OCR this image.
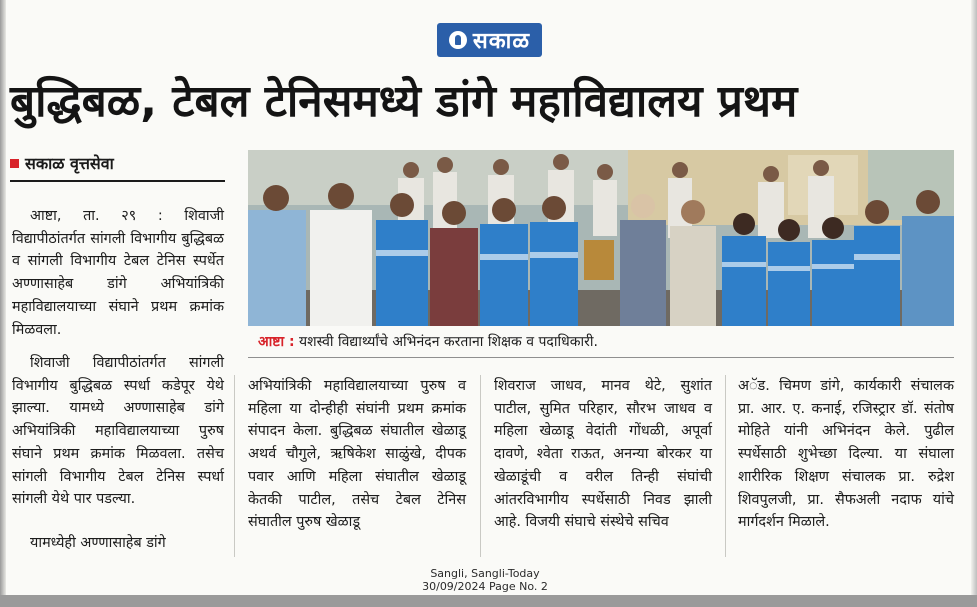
सकाळ
बुद्धिबळ, टेबल टेनिसमध्ये डांगे महाविद्यालय प्रथम
सकाळ वृत्तसेवा
आष्टा : यशस्वी विद्यार्थ्यांचे अभिनंदन करताना शिक्षक व पदाधिकारी.

आष्टा, ता. २९ : शिवाजी विद्यापीठांतर्गत सांगली विभागीय बुद्धिबळ व सांगली विभागीय टेबल टेनिस स्पर्धेत अण्णासाहेब डांगे अभियांत्रिकी महाविद्यालयाच्या संघाने प्रथम क्रमांक मिळवला.

शिवाजी विद्यापीठांतर्गत सांगली विभागीय बुद्धिबळ स्पर्धा कडेपूर येथे झाल्या. यामध्ये अण्णासाहेब डांगे अभियांत्रिकी महाविद्यालयाच्या पुरुष संघाने प्रथम क्रमांक मिळवला. तसेच सांगली विभागीय टेबल टेनिस स्पर्धा सांगली येथे पार पडल्या.

यामध्येही अण्णासाहेब डांगे

अभियांत्रिकी महाविद्यालयाच्या पुरुष व महिला या दोन्हीही संघांनी प्रथम क्रमांक संपादन केला. बुद्धिबळ संघातील खेळाडू अथर्व चौगुले, ऋषिकेश साळुंखे, दीपक पवार आणि महिला संघातील खेळाडू केतकी पाटील, तसेच टेबल टेनिस संघातील पुरुष खेळाडू

शिवराज जाधव, मानव थेटे, सुशांत पाटील, सुमित परिहार, सौरभ जाधव व महिला खेळाडू वेदांती गोंधळी, अपूर्वा दावणे, श्वेता राऊत, अनन्या बोरकर या खेळाडूंची व वरील तिन्ही संघांची आंतरविभागीय स्पर्धेसाठी निवड झाली आहे. विजयी संघाचे संस्थेचे सचिव

अॅड. चिमण डांगे, कार्यकारी संचालक प्रा. आर. ए. कनाई, रजिस्ट्रार डॉ. संतोष मोहिते यांनी अभिनंदन केले. पुढील स्पर्धेसाठी शुभेच्छा दिल्या. या संघाला शारीरिक शिक्षण संचालक प्रा. रुद्रेश शिवपुलजी, प्रा. सैफअली नदाफ यांचे मार्गदर्शन मिळाले.

Sangli, Sangli-Today
30/09/2024 Page No. 2
